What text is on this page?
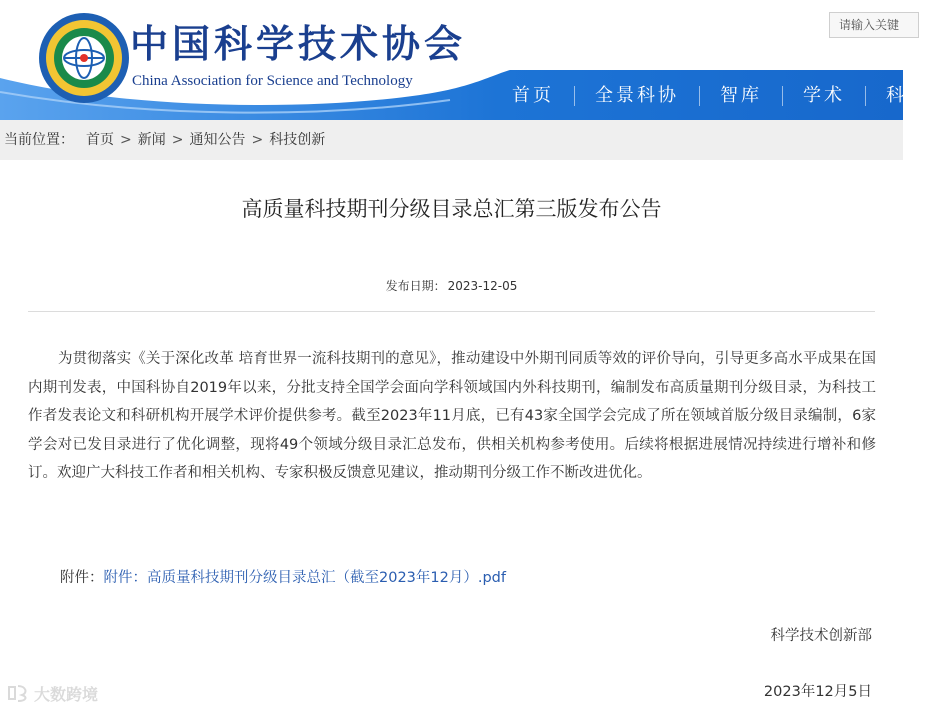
中国科学技术协会
China Association for Science and Technology
请输入关键
首页	全景科协	智库	学术	科
当前位置： 首页 > 新闻 > 通知公告 > 科技创新
高质量科技期刊分级目录总汇第三版发布公告
发布日期： 2023-12-05

为贯彻落实《关于深化改革 培育世界一流科技期刊的意见》，推动建设中外期刊同质等效的评价导向，引导更多高水平成果在国内期刊发表，中国科协自2019年以来，分批支持全国学会面向学科领域国内外科技期刊，编制发布高质量期刊分级目录，为科技工作者发表论文和科研机构开展学术评价提供参考。截至2023年11月底，已有43家全国学会完成了所在领域首版分级目录编制，6家学会对已发目录进行了优化调整，现将49个领域分级目录汇总发布，供相关机构参考使用。后续将根据进展情况持续进行增补和修订。欢迎广大科技工作者和相关机构、专家积极反馈意见建议，推动期刊分级工作不断改进优化。

附件：附件：高质量科技期刊分级目录总汇（截至2023年12月）.pdf
科学技术创新部
2023年12月5日
大数跨境
